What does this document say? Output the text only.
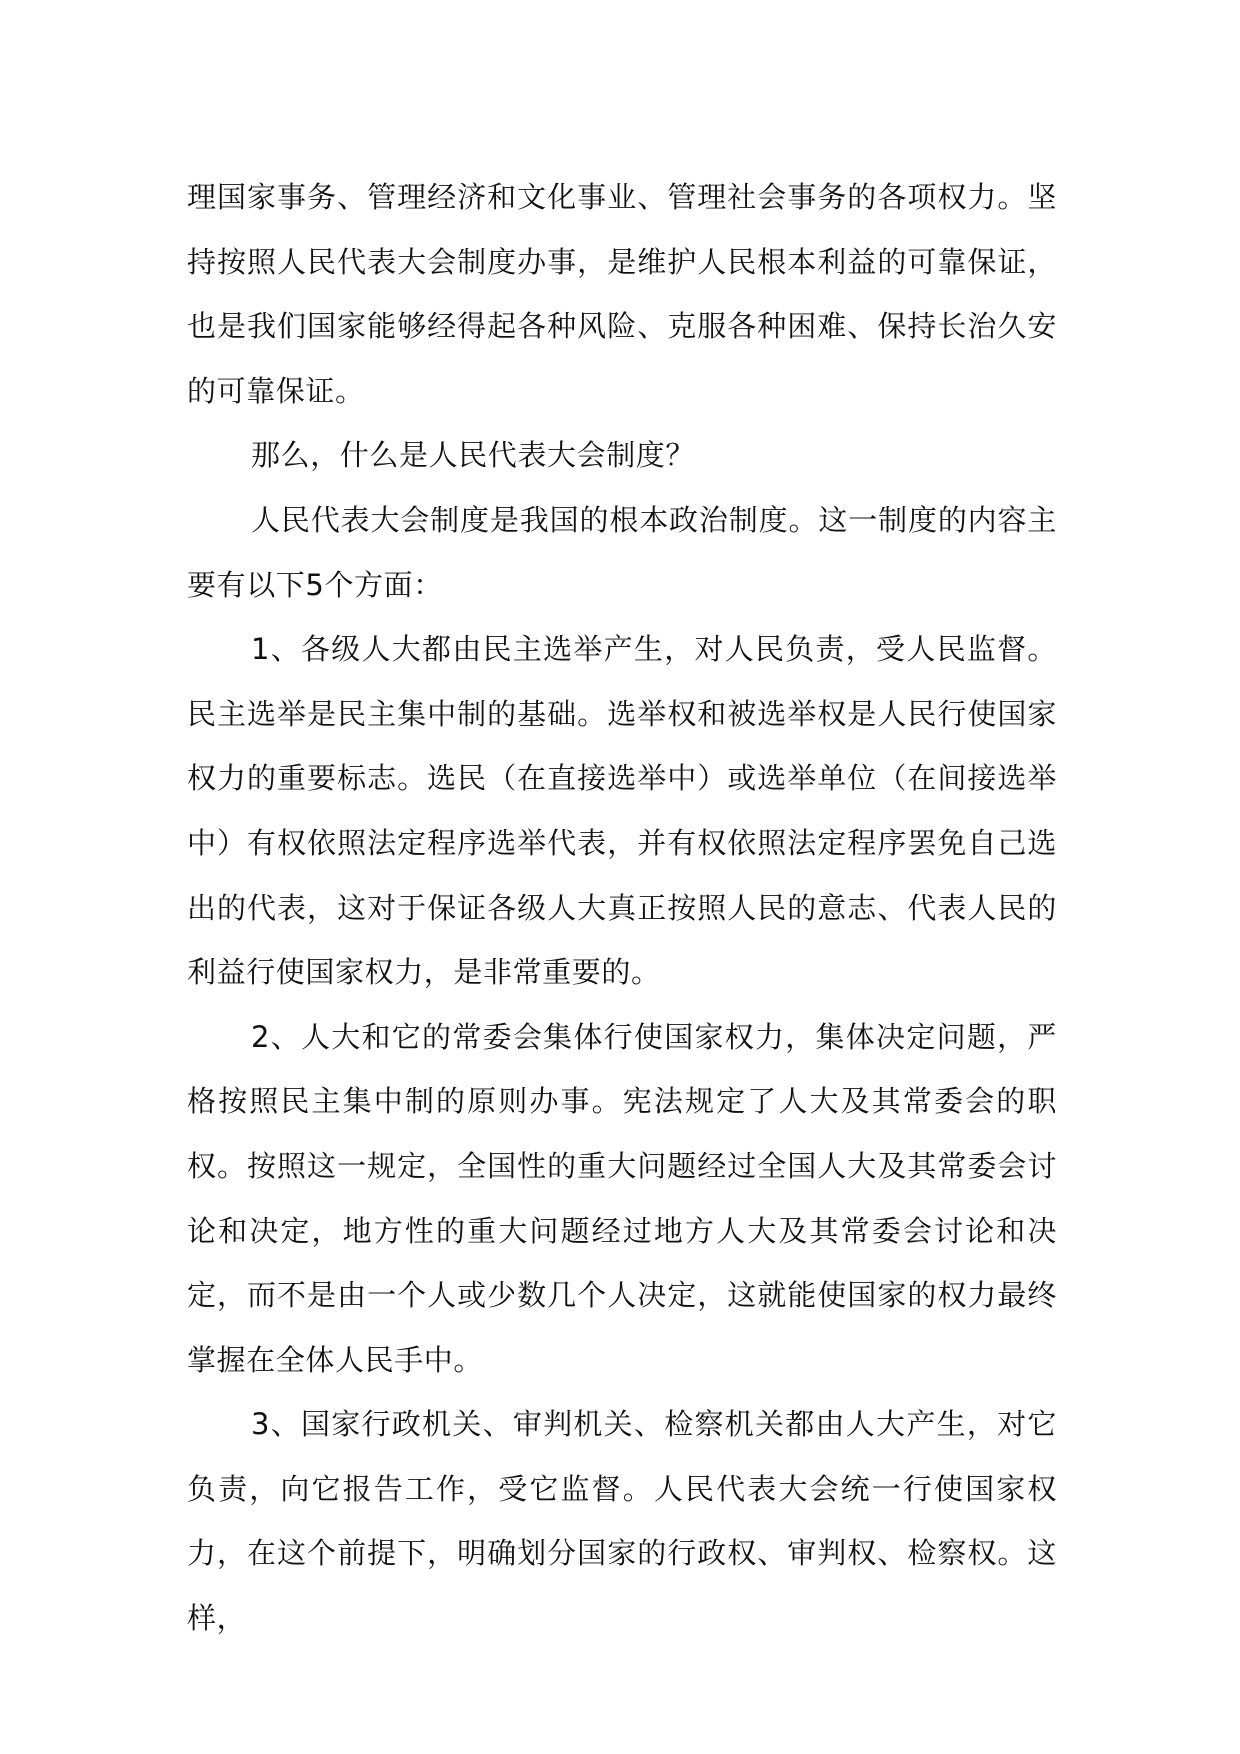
理国家事务、管理经济和文化事业、管理社会事务的各项权力。坚持按照人民代表大会制度办事，是维护人民根本利益的可靠保证，也是我们国家能够经得起各种风险、克服各种困难、保持长治久安的可靠保证。

那么，什么是人民代表大会制度？

人民代表大会制度是我国的根本政治制度。这一制度的内容主要有以下5个方面：

1、各级人大都由民主选举产生，对人民负责，受人民监督。民主选举是民主集中制的基础。选举权和被选举权是人民行使国家权力的重要标志。选民（在直接选举中）或选举单位（在间接选举中）有权依照法定程序选举代表，并有权依照法定程序罢免自己选出的代表，这对于保证各级人大真正按照人民的意志、代表人民的利益行使国家权力，是非常重要的。

2、人大和它的常委会集体行使国家权力，集体决定问题，严格按照民主集中制的原则办事。宪法规定了人大及其常委会的职权。按照这一规定，全国性的重大问题经过全国人大及其常委会讨论和决定，地方性的重大问题经过地方人大及其常委会讨论和决定，而不是由一个人或少数几个人决定，这就能使国家的权力最终掌握在全体人民手中。

3、国家行政机关、审判机关、检察机关都由人大产生，对它负责，向它报告工作，受它监督。人民代表大会统一行使国家权力，在这个前提下，明确划分国家的行政权、审判权、检察权。这样，
